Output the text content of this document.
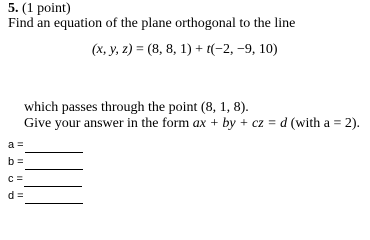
5. (1 point)
Find an equation of the plane orthogonal to the line
(x, y, z) = (8, 8, 1) + t(−2, −9, 10)
which passes through the point (8, 1, 8).
Give your answer in the form ax + by + cz = d (with a = 2).
a =
b =
c =
d =
